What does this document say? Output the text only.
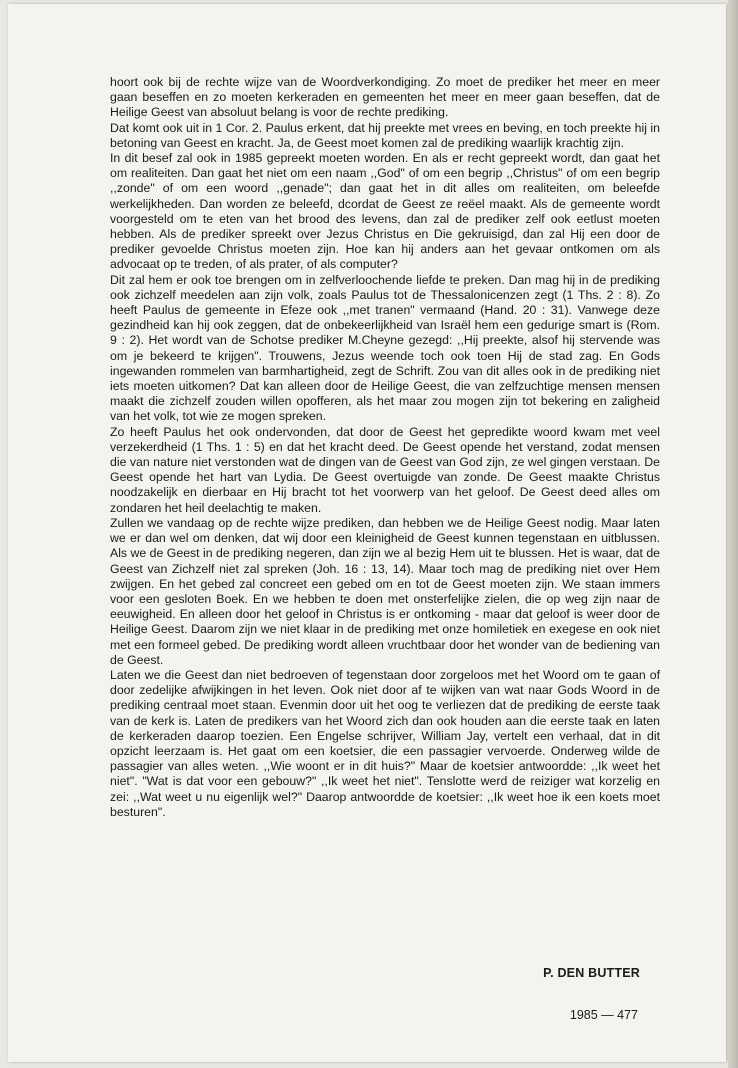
hoort ook bij de rechte wijze van de Woordverkondiging. Zo moet de prediker het meer en meer gaan beseffen en zo moeten kerkeraden en gemeenten het meer en meer gaan beseffen, dat de Heilige Geest van absoluut belang is voor de rechte prediking.

Dat komt ook uit in 1 Cor. 2. Paulus erkent, dat hij preekte met vrees en beving, en toch preekte hij in betoning van Geest en kracht. Ja, de Geest moet komen zal de prediking waarlijk krachtig zijn.

In dit besef zal ook in 1985 gepreekt moeten worden. En als er recht gepreekt wordt, dan gaat het om realiteiten. Dan gaat het niet om een naam ,,God" of om een begrip ,,Christus" of om een begrip ,,zonde" of om een woord ,,genade"; dan gaat het in dit alles om realiteiten, om beleefde werkelijkheden. Dan worden ze beleefd, dcordat de Geest ze reëel maakt. Als de gemeente wordt voorgesteld om te eten van het brood des levens, dan zal de prediker zelf ook eetlust moeten hebben. Als de prediker spreekt over Jezus Christus en Die gekruisigd, dan zal Hij een door de prediker gevoelde Christus moeten zijn. Hoe kan hij anders aan het gevaar ontkomen om als advocaat op te treden, of als prater, of als computer?

Dit zal hem er ook toe brengen om in zelfverloochende liefde te preken. Dan mag hij in de prediking ook zichzelf meedelen aan zijn volk, zoals Paulus tot de Thessalonicenzen zegt (1 Ths. 2 : 8). Zo heeft Paulus de gemeente in Efeze ook ,,met tranen" vermaand (Hand. 20 : 31). Vanwege deze gezindheid kan hij ook zeggen, dat de onbekeerlijkheid van Israël hem een gedurige smart is (Rom. 9 : 2). Het wordt van de Schotse prediker M.Cheyne gezegd: ,,Hij preekte, alsof hij stervende was om je bekeerd te krijgen". Trouwens, Jezus weende toch ook toen Hij de stad zag. En Gods ingewanden rommelen van barmhartigheid, zegt de Schrift. Zou van dit alles ook in de prediking niet iets moeten uitkomen? Dat kan alleen door de Heilige Geest, die van zelfzuchtige mensen mensen maakt die zichzelf zouden willen opofferen, als het maar zou mogen zijn tot bekering en zaligheid van het volk, tot wie ze mogen spreken.

Zo heeft Paulus het ook ondervonden, dat door de Geest het gepredikte woord kwam met veel verzekerdheid (1 Ths. 1 : 5) en dat het kracht deed. De Geest opende het verstand, zodat mensen die van nature niet verstonden wat de dingen van de Geest van God zijn, ze wel gingen verstaan. De Geest opende het hart van Lydia. De Geest overtuigde van zonde. De Geest maakte Christus noodzakelijk en dierbaar en Hij bracht tot het voorwerp van het geloof. De Geest deed alles om zondaren het heil deelachtig te maken.

Zullen we vandaag op de rechte wijze prediken, dan hebben we de Heilige Geest nodig. Maar laten we er dan wel om denken, dat wij door een kleinigheid de Geest kunnen tegenstaan en uitblussen. Als we de Geest in de prediking negeren, dan zijn we al bezig Hem uit te blussen. Het is waar, dat de Geest van Zichzelf niet zal spreken (Joh. 16 : 13, 14). Maar toch mag de prediking niet over Hem zwijgen. En het gebed zal concreet een gebed om en tot de Geest moeten zijn. We staan immers voor een gesloten Boek. En we hebben te doen met onsterfelijke zielen, die op weg zijn naar de eeuwigheid. En alleen door het geloof in Christus is er ontkoming - maar dat geloof is weer door de Heilige Geest. Daarom zijn we niet klaar in de prediking met onze homiletiek en exegese en ook niet met een formeel gebed. De prediking wordt alleen vruchtbaar door het wonder van de bediening van de Geest.

Laten we die Geest dan niet bedroeven of tegenstaan door zorgeloos met het Woord om te gaan of door zedelijke afwijkingen in het leven. Ook niet door af te wijken van wat naar Gods Woord in de prediking centraal moet staan. Evenmin door uit het oog te verliezen dat de prediking de eerste taak van de kerk is. Laten de predikers van het Woord zich dan ook houden aan die eerste taak en laten de kerkeraden daarop toezien. Een Engelse schrijver, William Jay, vertelt een verhaal, dat in dit opzicht leerzaam is. Het gaat om een koetsier, die een passagier vervoerde. Onderweg wilde de passagier van alles weten. ,,Wie woont er in dit huis?" Maar de koetsier antwoordde: ,,Ik weet het niet". "Wat is dat voor een gebouw?" ,,Ik weet het niet". Tenslotte werd de reiziger wat korzelig en zei: ,,Wat weet u nu eigenlijk wel?" Daarop antwoordde de koetsier: ,,Ik weet hoe ik een koets moet besturen".

P. DEN BUTTER
1985 — 477
